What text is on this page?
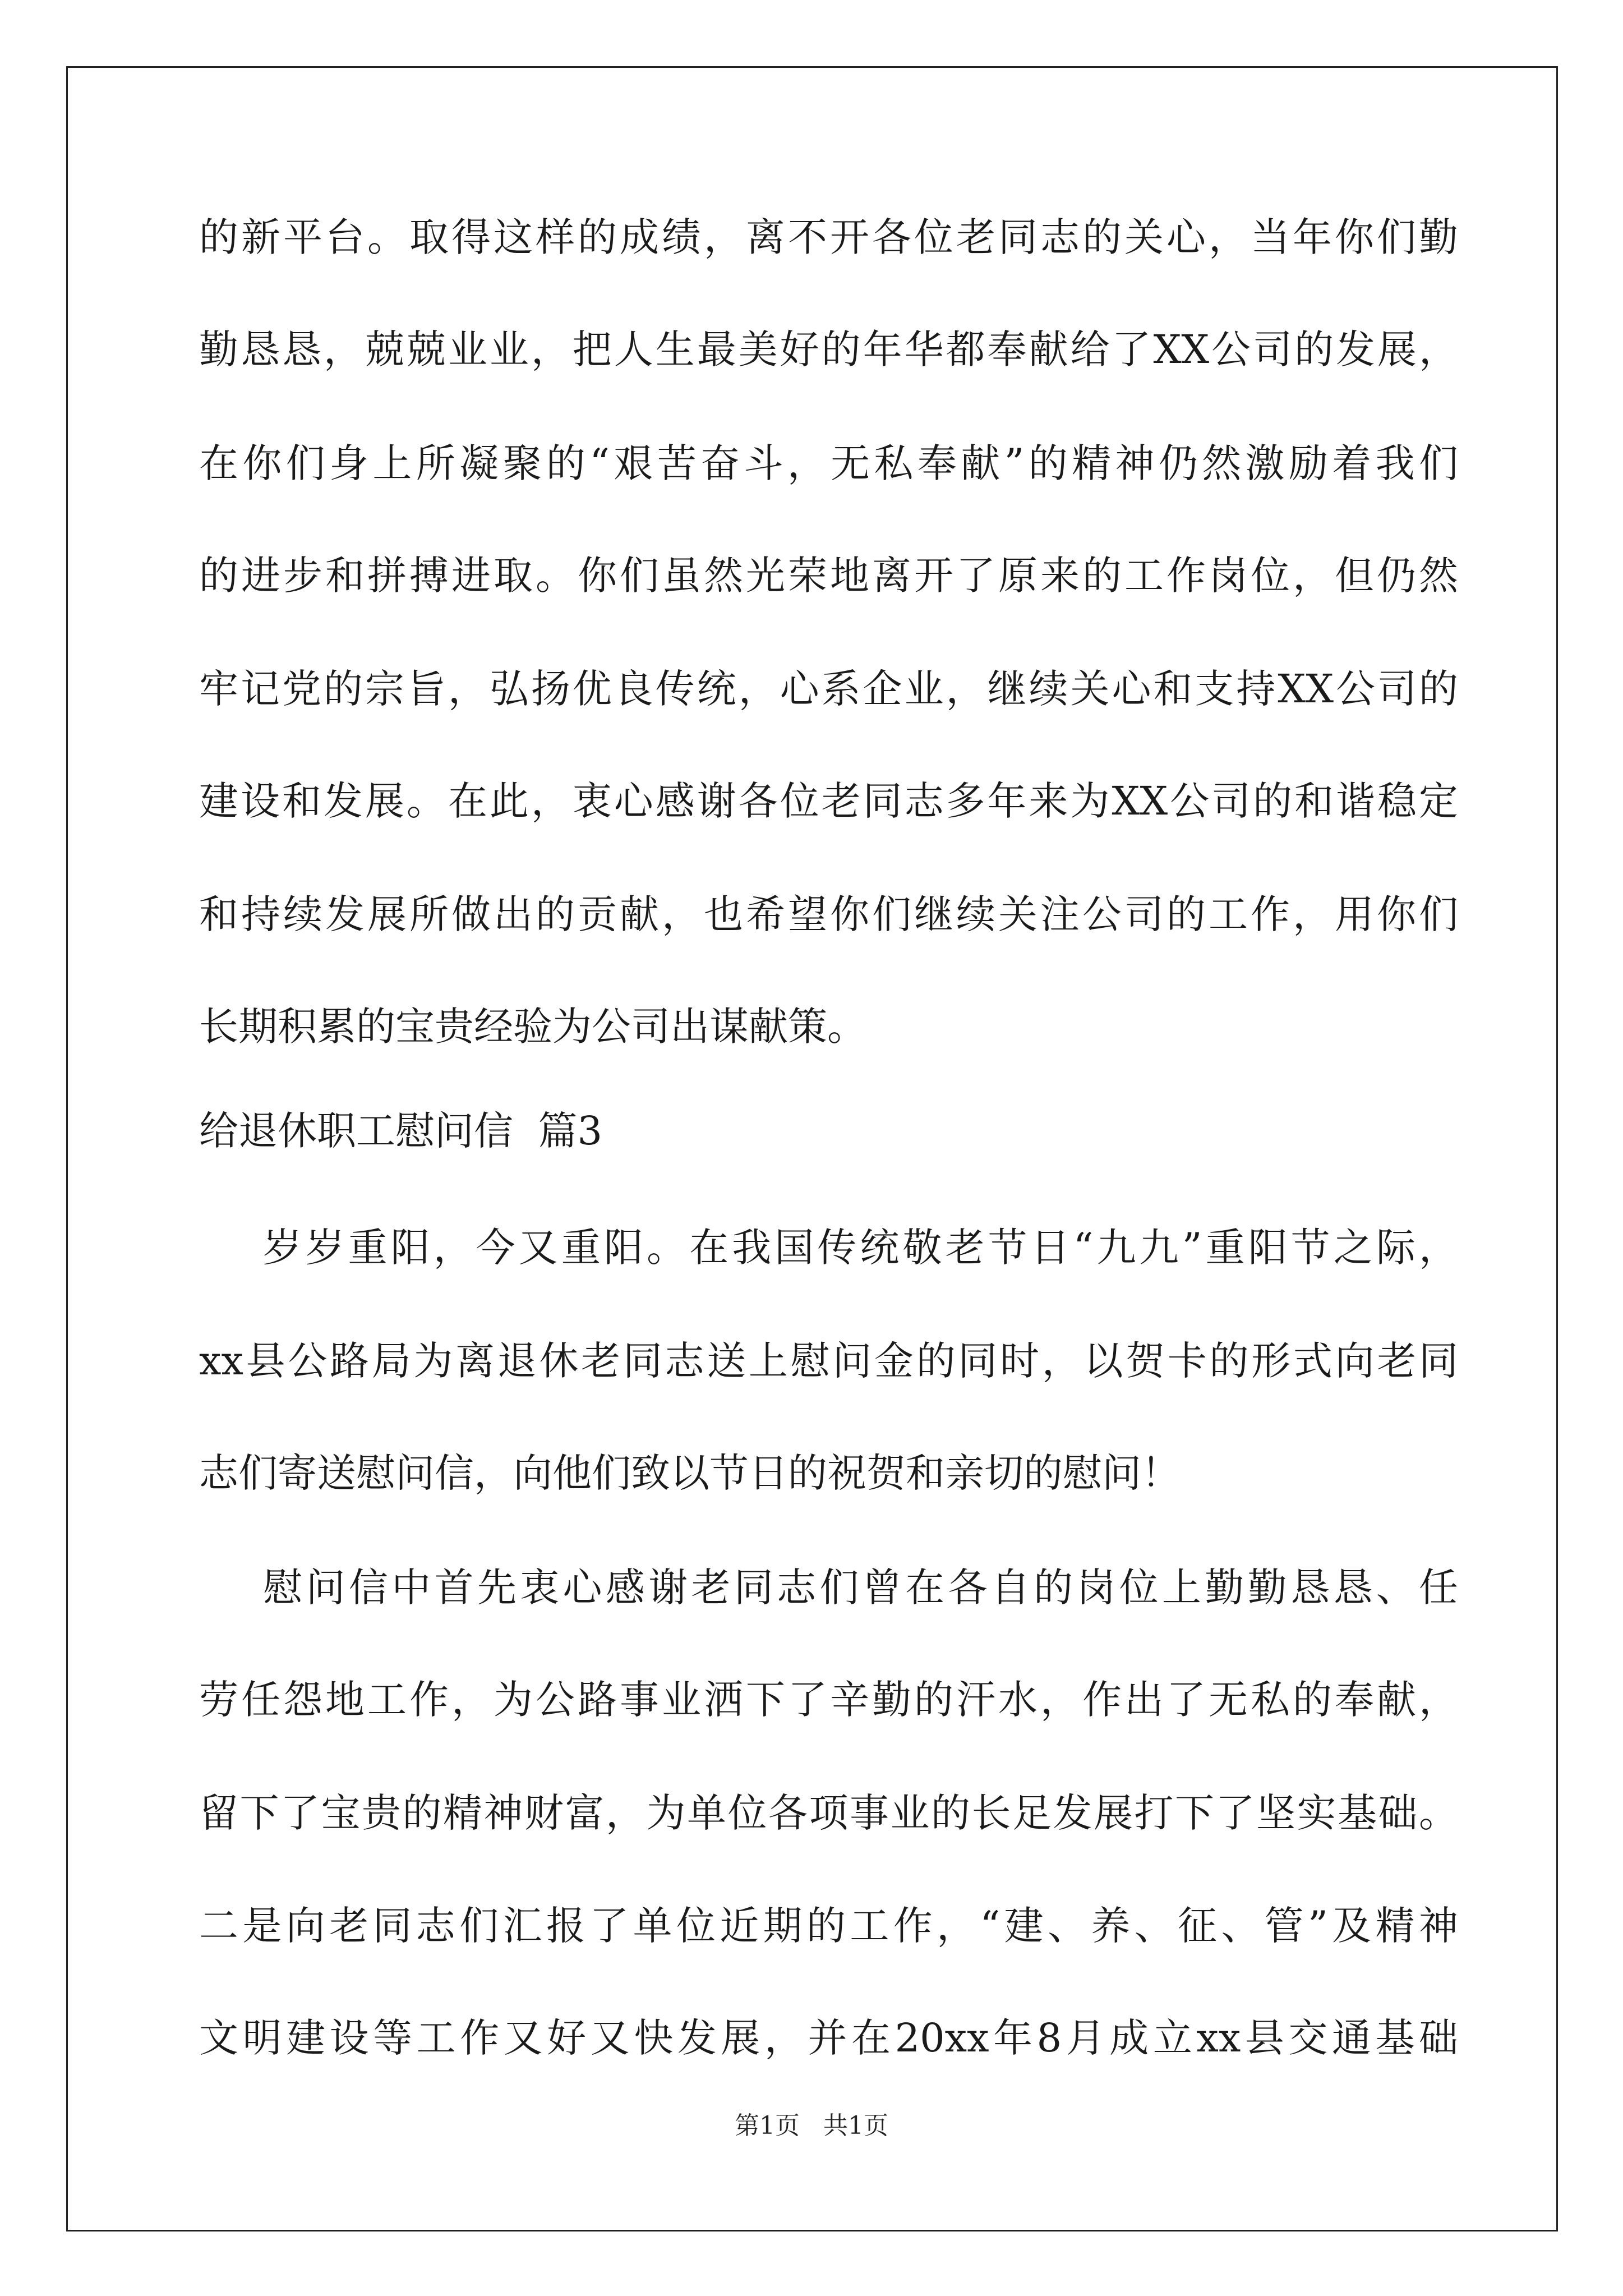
的新平台。取得这样的成绩，离不开各位老同志的关心，当年你们勤
勤恳恳，兢兢业业，把人生最美好的年华都奉献给了XX公司的发展，
在你们身上所凝聚的“艰苦奋斗，无私奉献”的精神仍然激励着我们
的进步和拼搏进取。你们虽然光荣地离开了原来的工作岗位，但仍然
牢记党的宗旨，弘扬优良传统，心系企业，继续关心和支持XX公司的
建设和发展。在此，衷心感谢各位老同志多年来为XX公司的和谐稳定
和持续发展所做出的贡献，也希望你们继续关注公司的工作，用你们
长期积累的宝贵经验为公司出谋献策。
给退休职工慰问信  篇3
岁岁重阳，今又重阳。在我国传统敬老节日“九九”重阳节之际，
xx县公路局为离退休老同志送上慰问金的同时，以贺卡的形式向老同
志们寄送慰问信，向他们致以节日的祝贺和亲切的慰问！
慰问信中首先衷心感谢老同志们曾在各自的岗位上勤勤恳恳、任
劳任怨地工作，为公路事业洒下了辛勤的汗水，作出了无私的奉献，
留下了宝贵的精神财富，为单位各项事业的长足发展打下了坚实基础。
二是向老同志们汇报了单位近期的工作，“建、养、征、管”及精神
文明建设等工作又好又快发展，并在20xx年8月成立xx县交通基础
第1页   共1页
